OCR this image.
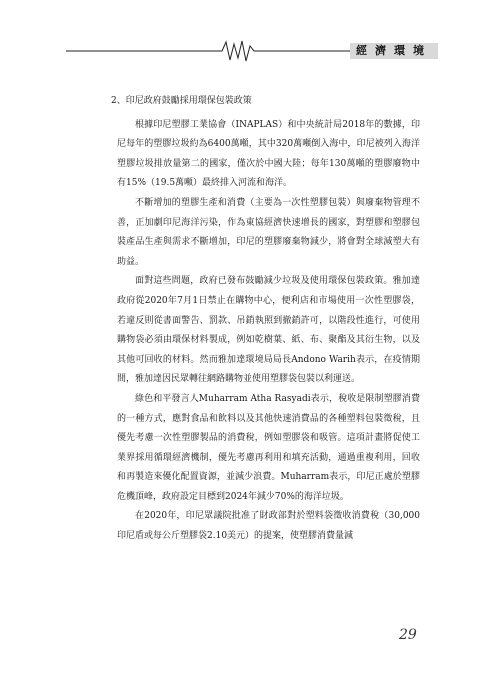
經濟環境

2、印尼政府鼓勵採用環保包裝政策

根據印尼塑膠工業協會（INAPLAS）和中央統計局2018年的數據，印尼每年的塑膠垃圾約為6400萬噸，其中320萬噸倒入海中，印尼被列入海洋塑膠垃圾排放量第二的國家，僅次於中國大陸；每年130萬噸的塑膠廢物中有15%（19.5萬噸）最終排入河流和海洋。

不斷增加的塑膠生產和消費（主要為一次性塑膠包裝）與廢棄物管理不善，正加劇印尼海洋污染，作為東協經濟快速增長的國家，對塑膠和塑膠包裝產品生產與需求不斷增加，印尼的塑膠廢棄物減少，將會對全球減塑大有助益。

面對這些問題，政府已發布鼓勵減少垃圾及使用環保包裝政策。雅加達政府從2020年7月1日禁止在購物中心，便利店和市場使用一次性塑膠袋，若違反則從書面警告、罰款、吊銷執照到撤銷許可，以階段性進行，可使用購物袋必須由環保材料製成，例如乾樹葉、紙、布、聚酯及其衍生物，以及其他可回收的材料。然而雅加達環境局局長Andono Warih表示，在疫情期間，雅加達因民眾轉往網路購物並使用塑膠袋包裝以利運送。

綠色和平發言人Muharram Atha Rasyadi表示，稅收是限制塑膠消費的一種方式，應對食品和飲料以及其他快速消費品的各種塑料包裝徵稅，且優先考慮一次性塑膠製品的消費稅，例如塑膠袋和吸管。這項計畫將促使工業界採用循環經濟機制，優先考慮再利用和填充活動，通過重複利用，回收和再製造來優化配置資源，並減少浪費。Muharram表示，印尼正處於塑膠危機頂峰，政府設定目標到2024年減少70%的海洋垃圾。

在2020年，印尼眾議院批准了財政部對於塑料袋徵收消費稅（30,000印尼盾或每公斤塑膠袋2.10美元）的提案，使塑膠消費量減

29
